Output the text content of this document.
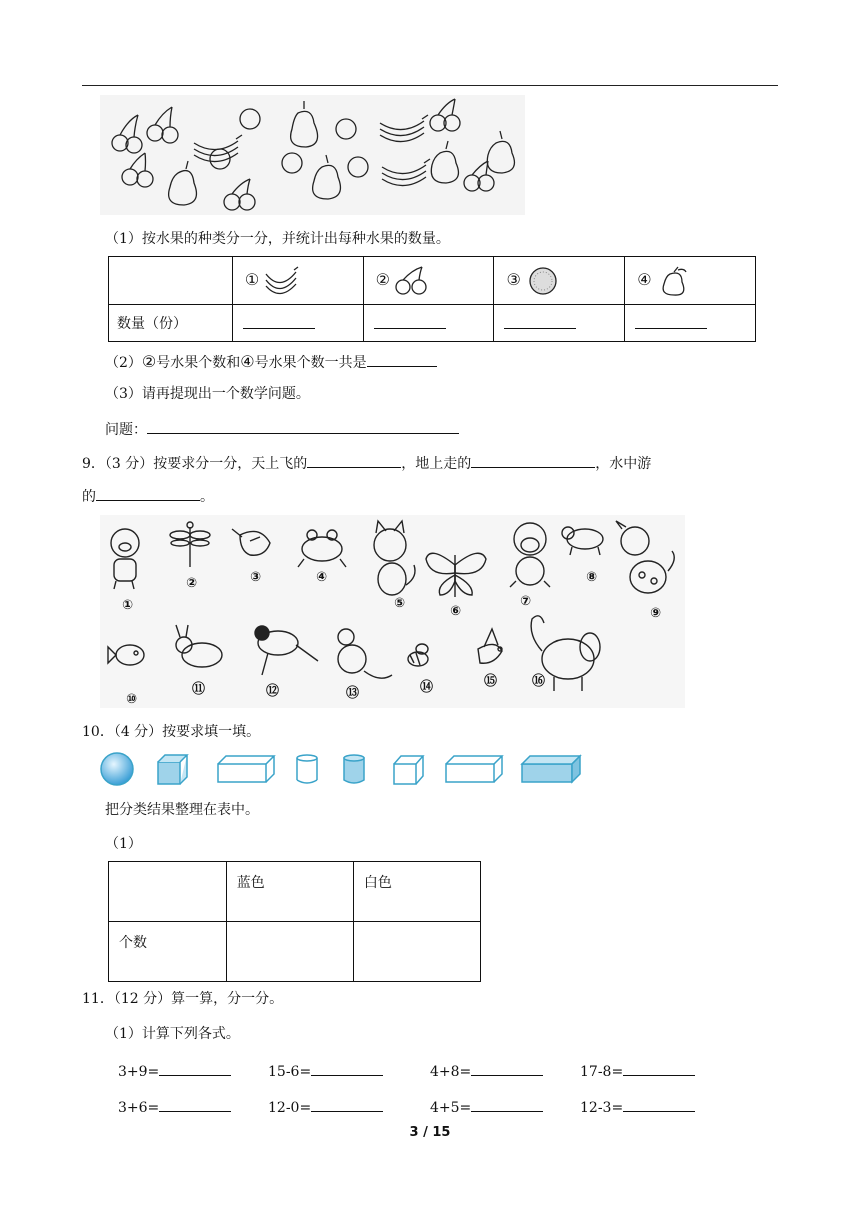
（1）按水果的种类分一分，并统计出每种水果的数量。
	①	②	③	④
数量（份）				
（2）②号水果个数和④号水果个数一共是
（3）请再提现出一个数学问题。
问题：
9．（3 分）按要求分一分，天上飞的	，地上走的	，水中游
的	。
①
②	③	④
⑤
⑥
⑦
⑧
⑨
⑩
⑪	⑫	⑬	⑭	⑮	⑯
10．（4 分）按要求填一填。
把分类结果整理在表中。
（1）
	蓝色	白色
个数		
11．（12 分）算一算，分一分。
（1）计算下列各式。
3+9=	15-6=	4+8=	17-8=
3+6=	12-0=	4+5=	12-3=
3 / 15
